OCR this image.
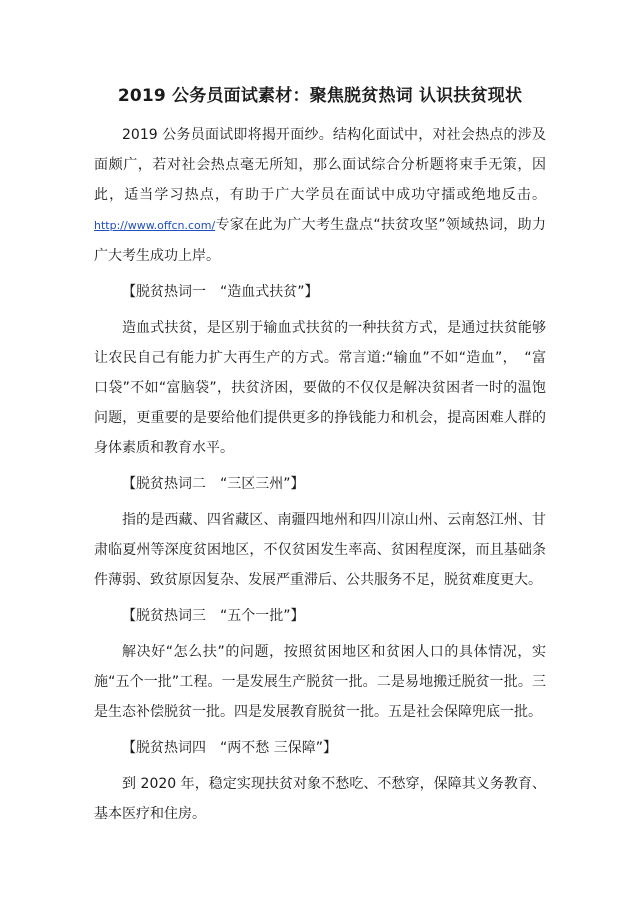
2019 公务员面试素材：聚焦脱贫热词 认识扶贫现状

2019 公务员面试即将揭开面纱。结构化面试中，对社会热点的涉及面颇广，若对社会热点毫无所知，那么面试综合分析题将束手无策，因此，适当学习热点，有助于广大学员在面试中成功守擂或绝地反击。http://www.offcn.com/专家在此为广大考生盘点“扶贫攻坚”领域热词，助力广大考生成功上岸。

【脱贫热词一　“造血式扶贫”】

造血式扶贫，是区别于输血式扶贫的一种扶贫方式，是通过扶贫能够让农民自己有能力扩大再生产的方式。常言道:“输血”不如“造血”，　“富口袋”不如“富脑袋”，扶贫济困，要做的不仅仅是解决贫困者一时的温饱问题，更重要的是要给他们提供更多的挣钱能力和机会，提高困难人群的身体素质和教育水平。

【脱贫热词二　“三区三州”】

指的是西藏、四省藏区、南疆四地州和四川凉山州、云南怒江州、甘肃临夏州等深度贫困地区，不仅贫困发生率高、贫困程度深，而且基础条件薄弱、致贫原因复杂、发展严重滞后、公共服务不足，脱贫难度更大。

【脱贫热词三　“五个一批”】

解决好“怎么扶”的问题，按照贫困地区和贫困人口的具体情况，实施“五个一批”工程。一是发展生产脱贫一批。二是易地搬迁脱贫一批。三是生态补偿脱贫一批。四是发展教育脱贫一批。五是社会保障兜底一批。

【脱贫热词四　“两不愁 三保障”】

到 2020 年，稳定实现扶贫对象不愁吃、不愁穿，保障其义务教育、基本医疗和住房。
